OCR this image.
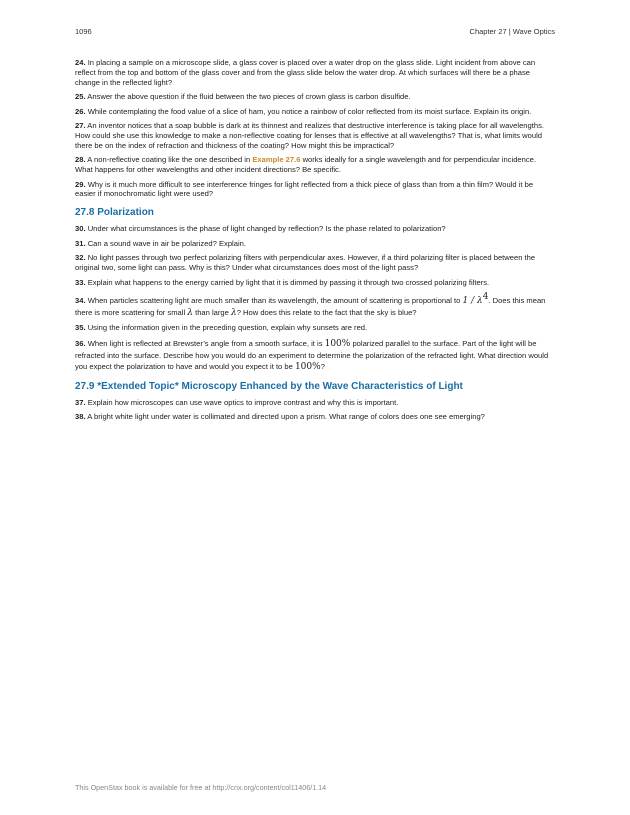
1096	Chapter 27 | Wave Optics

24. In placing a sample on a microscope slide, a glass cover is placed over a water drop on the glass slide. Light incident from above can reflect from the top and bottom of the glass cover and from the glass slide below the water drop. At which surfaces will there be a phase change in the reflected light?

25. Answer the above question if the fluid between the two pieces of crown glass is carbon disulfide.

26. While contemplating the food value of a slice of ham, you notice a rainbow of color reflected from its moist surface. Explain its origin.

27. An inventor notices that a soap bubble is dark at its thinnest and realizes that destructive interference is taking place for all wavelengths. How could she use this knowledge to make a non-reflective coating for lenses that is effective at all wavelengths? That is, what limits would there be on the index of refraction and thickness of the coating? How might this be impractical?

28. A non-reflective coating like the one described in Example 27.6 works ideally for a single wavelength and for perpendicular incidence. What happens for other wavelengths and other incident directions? Be specific.

29. Why is it much more difficult to see interference fringes for light reflected from a thick piece of glass than from a thin film? Would it be easier if monochromatic light were used?

27.8 Polarization

30. Under what circumstances is the phase of light changed by reflection? Is the phase related to polarization?

31. Can a sound wave in air be polarized? Explain.

32. No light passes through two perfect polarizing filters with perpendicular axes. However, if a third polarizing filter is placed between the original two, some light can pass. Why is this? Under what circumstances does most of the light pass?

33. Explain what happens to the energy carried by light that it is dimmed by passing it through two crossed polarizing filters.

34. When particles scattering light are much smaller than its wavelength, the amount of scattering is proportional to $1 / \lambda^4$. Does this mean there is more scattering for small λ than large λ? How does this relate to the fact that the sky is blue?

35. Using the information given in the preceding question, explain why sunsets are red.

36. When light is reflected at Brewster’s angle from a smooth surface, it is 100% polarized parallel to the surface. Part of the light will be refracted into the surface. Describe how you would do an experiment to determine the polarization of the refracted light. What direction would you expect the polarization to have and would you expect it to be 100%?

27.9 *Extended Topic* Microscopy Enhanced by the Wave Characteristics of Light

37. Explain how microscopes can use wave optics to improve contrast and why this is important.

38. A bright white light under water is collimated and directed upon a prism. What range of colors does one see emerging?

This OpenStax book is available for free at http://cnx.org/content/col11406/1.14
